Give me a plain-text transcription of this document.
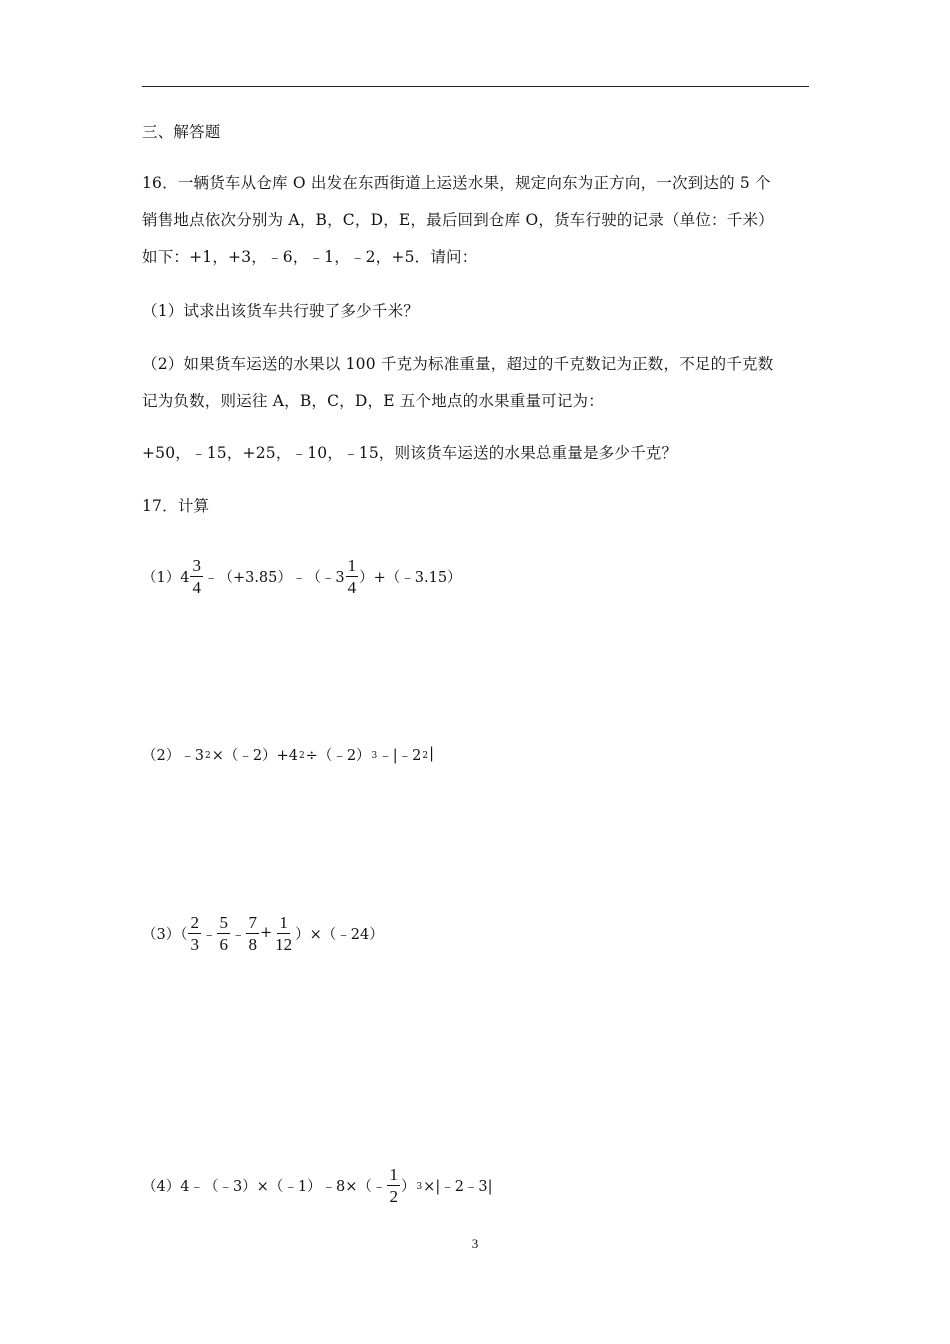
三、解答题
16．一辆货车从仓库 O 出发在东西街道上运送水果，规定向东为正方向，一次到达的 5 个
销售地点依次分别为 A，B，C，D，E，最后回到仓库 O，货车行驶的记录（单位：千米）
如下：+1，+3，﹣6，﹣1，﹣2，+5．请问：
（1）试求出该货车共行驶了多少千米？
（2）如果货车运送的水果以 100 千克为标准重量，超过的千克数记为正数，不足的千克数
记为负数，则运往 A，B，C，D，E 五个地点的水果重量可记为：
+50，﹣15，+25，﹣10，﹣15，则该货车运送的水果总重量是多少千克？
17．计算
$(1)4 \frac{3}{4}$ ﹣（+3.85）﹣（﹣3 $\frac{1}{4}$ ）+（﹣3.15）
（2）﹣3 2 ×（﹣2）+4 2 ÷（﹣2） 3 ﹣|﹣2 2 |
$(3)( \frac{2}{3}$ ﹣ $\frac{5}{6}$ ﹣ $\frac{7}{8} + \frac{1}{12}$ ）×（﹣24）
（4）4﹣（﹣3）×（﹣1）﹣8×（﹣ $\frac{1}{2}$ ） 3 ×|﹣2﹣3|
3
